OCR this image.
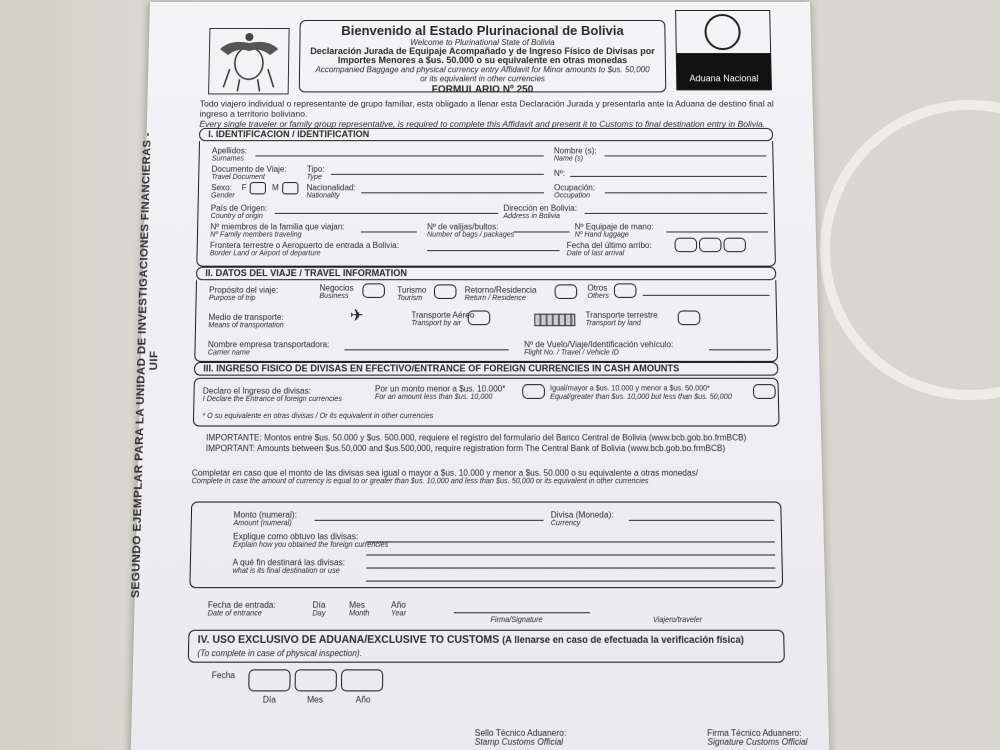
SEGUNDO EJEMPLAR PARA LA UNIDAD DE INVESTIGACIONES FINANCIERAS - UIF
Bienvenido al Estado Plurinacional de Bolivia
Welcome to Plurinational State of Bolivia
Declaración Jurada de Equipaje Acompañado y de Ingreso Físico de Divisas por Importes Menores a $us. 50.000 o su equivalente en otras monedas
Accompanied Baggage and physical currency entry Affidavit for Minor amounts to $us. 50,000
or its equivalent in other currencies
FORMULARIO Nº 250
Aduana Nacional
Todo viajero individual o representante de grupo familiar, esta obligado a llenar esta Declaración Jurada y presentarla ante la Aduana de destino final al ingreso a territorio boliviano.
Every single traveler or family group representative, is required to complete this Affidavit and present it to Customs to final destination entry in Bolivia.
I. IDENTIFICACION / IDENTIFICATION
Apellidos:
Surnames
Nombre (s):
Name (s)
Documento de Viaje:
Travel Document
Tipo:
Type	Nº:
Sexo:
Gender
F	M	Nacionalidad:
Nationality
Ocupación:
Occupation
País de Origen:
Country of origin
Dirección en Bolivia:
Address in Bolivia
Nº miembros de la familia que viajan:
Nº Family members traveling
Nº de valijas/bultos:
Number of bags / packages
Nº Equipaje de mano:
Nº Hand luggage
Frontera terrestre o Aeropuerto de entrada a Bolivia:
Border Land or Airport of departure
Fecha del último arribo:
Date of last arrival
II. DATOS DEL VIAJE / TRAVEL INFORMATION
Propósito del viaje:
Purpose of trip
Negocios
Business
Turismo
Tourism
Retorno/Residencia
Return / Residence
Otros
Others
Medio de transporte:
Means of transportation
✈	Transporte Aéreo
Transport by air
Transporte terrestre
Transport by land
Nombre empresa transportadora:
Carrier name
Nº de Vuelo/Viaje/Identificación vehículo:
Flight No. / Travel / Vehicle ID
III. INGRESO FISICO DE DIVISAS EN EFECTIVO/ENTRANCE OF FOREIGN CURRENCIES IN CASH AMOUNTS
Declaro el Ingreso de divisas:
I Declare the Entrance of foreign currencies
Por un monto menor a $us. 10.000*
For an amount less than $us. 10,000
Igual/mayor a $us. 10.000 y menor a $us. 50.000*
Equal/greater than $us. 10,000 but less than $us. 50,000
* O su equivalente en otras divisas / Or its equivalent in other currencies
IMPORTANTE: Montos entre $us. 50.000 y $us. 500.000, requiere el registro del formulario del Banco Central de Bolivia (www.bcb.gob.bo.frmBCB) IMPORTANT: Amounts between $us.50,000 and $us.500,000, require registration form The Central Bank of Bolivia (www.bcb.gob.bo.frmBCB)
Completar en caso que el monto de las divisas sea igual o mayor a $us. 10.000 y menor a $us. 50.000 o su equivalente a otras monedas/
Complete in case the amount of currency is equal to or greater than $us. 10,000 and less than $us. 50,000 or its equivalent in other currencies
Monto (numeral):
Amount (numeral)
Divisa (Moneda):
Currency
Explique como obtuvo las divisas:
Explain how you obtained the foreign currencies
A qué fin destinará las divisas:
what is its final destination or use
Fecha de entrada:
Date of entrance
Día
Day
Mes
Month
Año
Year
Firma/Signature	Viajero/traveler
IV. USO EXCLUSIVO DE ADUANA/EXCLUSIVE TO CUSTOMS (A llenarse en caso de efectuada la verificación física)
(To complete in case of physical inspection).
Fecha
Día	Mes	Año
Sello Técnico Aduanero:
Stamp Customs Official
Firma Técnico Aduanero:
Signature Customs Official
